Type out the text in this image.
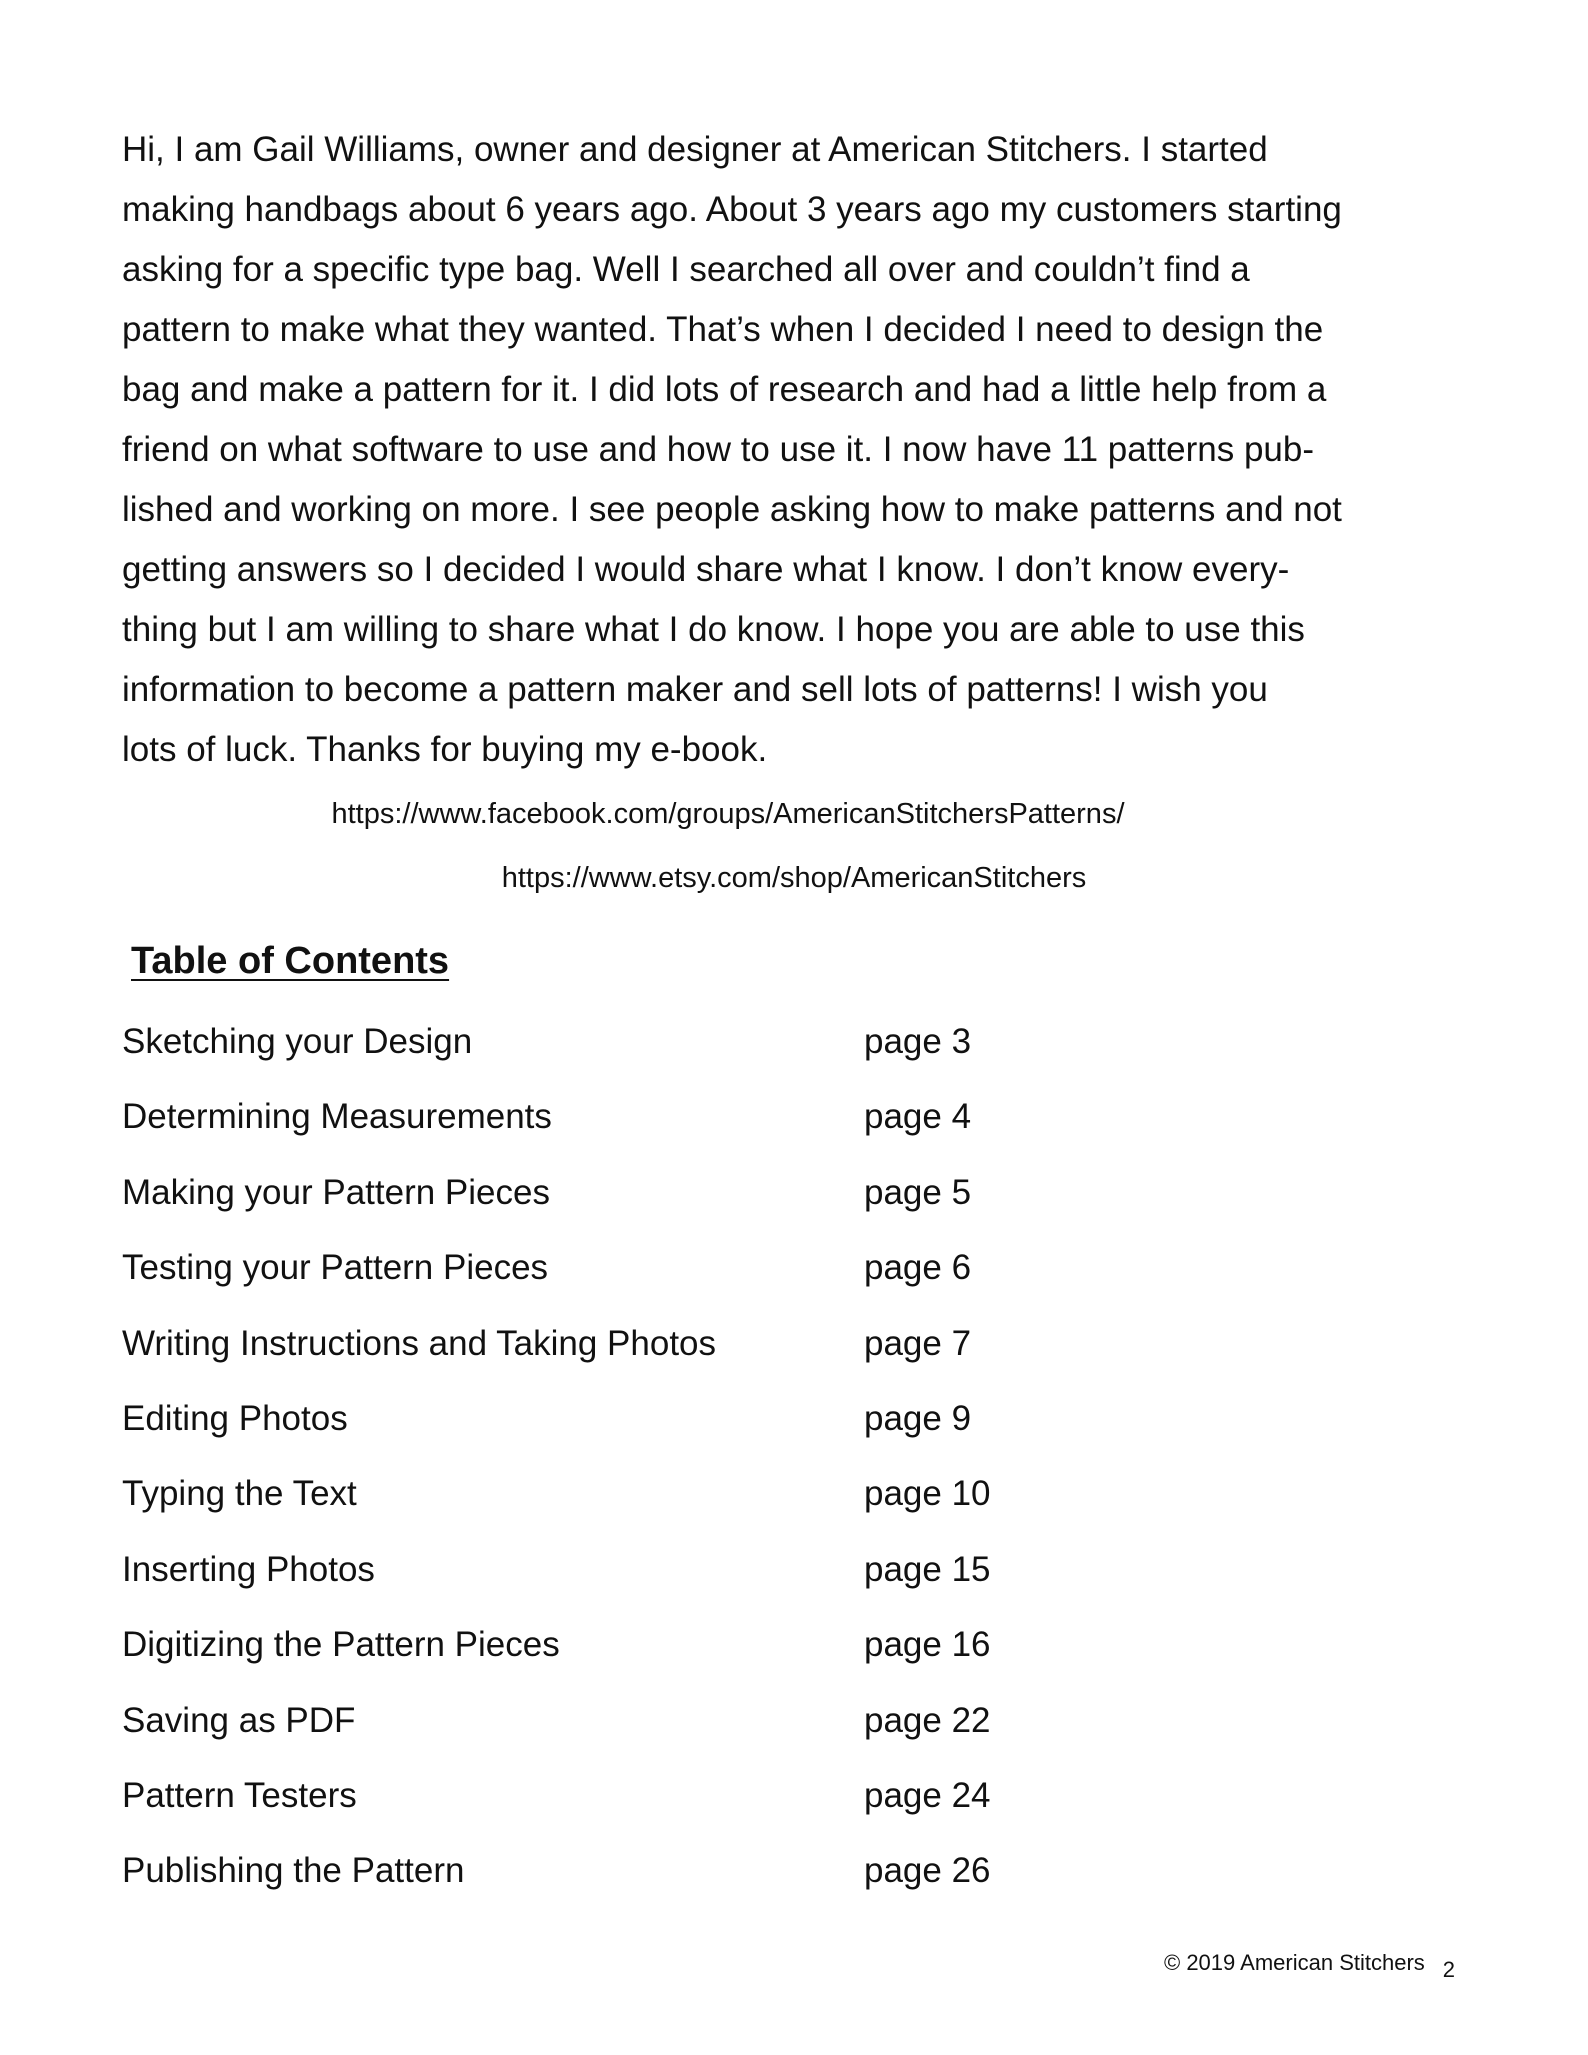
Hi, I am Gail Williams, owner and designer at American Stitchers. I started
making handbags about 6 years ago. About 3 years ago my customers starting
asking for a specific type bag. Well I searched all over and couldn’t find a
pattern to make what they wanted. That’s when I decided I need to design the
bag and make a pattern for it. I did lots of research and had a little help from a
friend on what software to use and how to use it. I now have 11 patterns pub-
lished and working on more. I see people asking how to make patterns and not
getting answers so I decided I would share what I know. I don’t know every-
thing but I am willing to share what I do know. I hope you are able to use this
information to become a pattern maker and sell lots of patterns! I wish you
lots of luck. Thanks for buying my e-book.
https://www.facebook.com/groups/AmericanStitchersPatterns/
https://www.etsy.com/shop/AmericanStitchers
Table of Contents
Sketching your Design	page 3
Determining Measurements	page 4
Making your Pattern Pieces	page 5
Testing your Pattern Pieces	page 6
Writing Instructions and Taking Photos	page 7
Editing Photos	page 9
Typing the Text	page 10
Inserting Photos	page 15
Digitizing the Pattern Pieces	page 16
Saving as PDF	page 22
Pattern Testers	page 24
Publishing the Pattern	page 26
© 2019 American Stitchers 2
